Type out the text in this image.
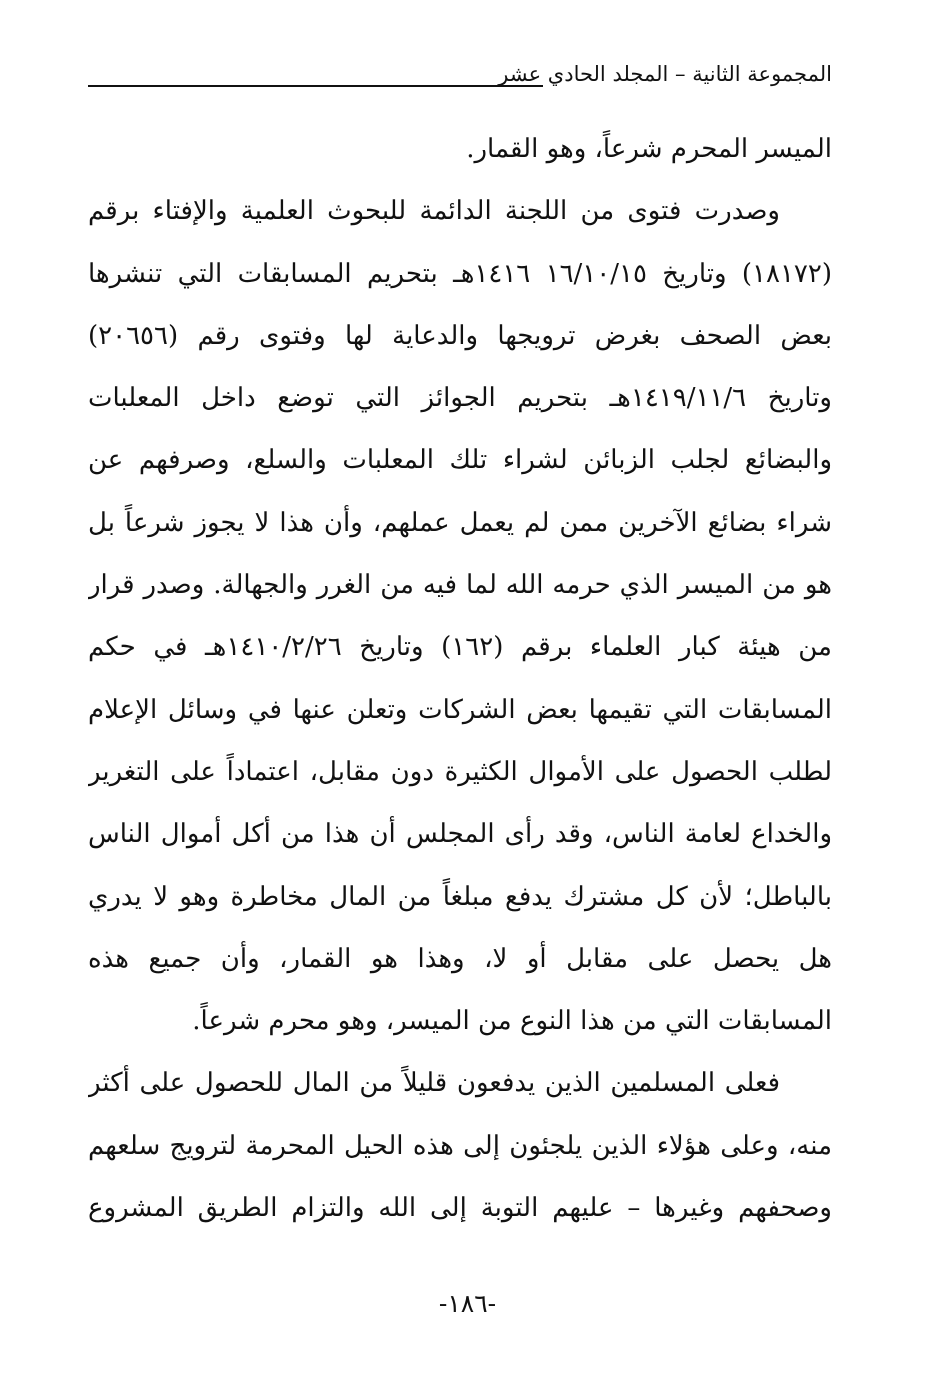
المجموعة الثانية – المجلد الحادي عشر
الميسر المحرم شرعاً، وهو القمار.
وصدرت فتوى من اللجنة الدائمة للبحوث العلمية والإفتاء برقم
(١٨١٧٢) وتاريخ ١٦/١٠/١٥ ١٤١٦هـ بتحريم المسابقات التي تنشرها
بعض الصحف بغرض ترويجها والدعاية لها وفتوى رقم (٢٠٦٥٦)
وتاريخ ١٤١٩/١١/٦هـ بتحريم الجوائز التي توضع داخل المعلبات
والبضائع لجلب الزبائن لشراء تلك المعلبات والسلع، وصرفهم عن
شراء بضائع الآخرين ممن لم يعمل عملهم، وأن هذا لا يجوز شرعاً بل
هو من الميسر الذي حرمه الله لما فيه من الغرر والجهالة. وصدر قرار
من هيئة كبار العلماء برقم (١٦٢) وتاريخ ١٤١٠/٢/٢٦هـ في حكم
المسابقات التي تقيمها بعض الشركات وتعلن عنها في وسائل الإعلام
لطلب الحصول على الأموال الكثيرة دون مقابل، اعتماداً على التغرير
والخداع لعامة الناس، وقد رأى المجلس أن هذا من أكل أموال الناس
بالباطل؛ لأن كل مشترك يدفع مبلغاً من المال مخاطرة وهو لا يدري
هل يحصل على مقابل أو لا، وهذا هو القمار، وأن جميع هذه
المسابقات التي من هذا النوع من الميسر، وهو محرم شرعاً.
فعلى المسلمين الذين يدفعون قليلاً من المال للحصول على أكثر
منه، وعلى هؤلاء الذين يلجئون إلى هذه الحيل المحرمة لترويج سلعهم
وصحفهم وغيرها – عليهم التوبة إلى الله والتزام الطريق المشروع
-١٨٦-
